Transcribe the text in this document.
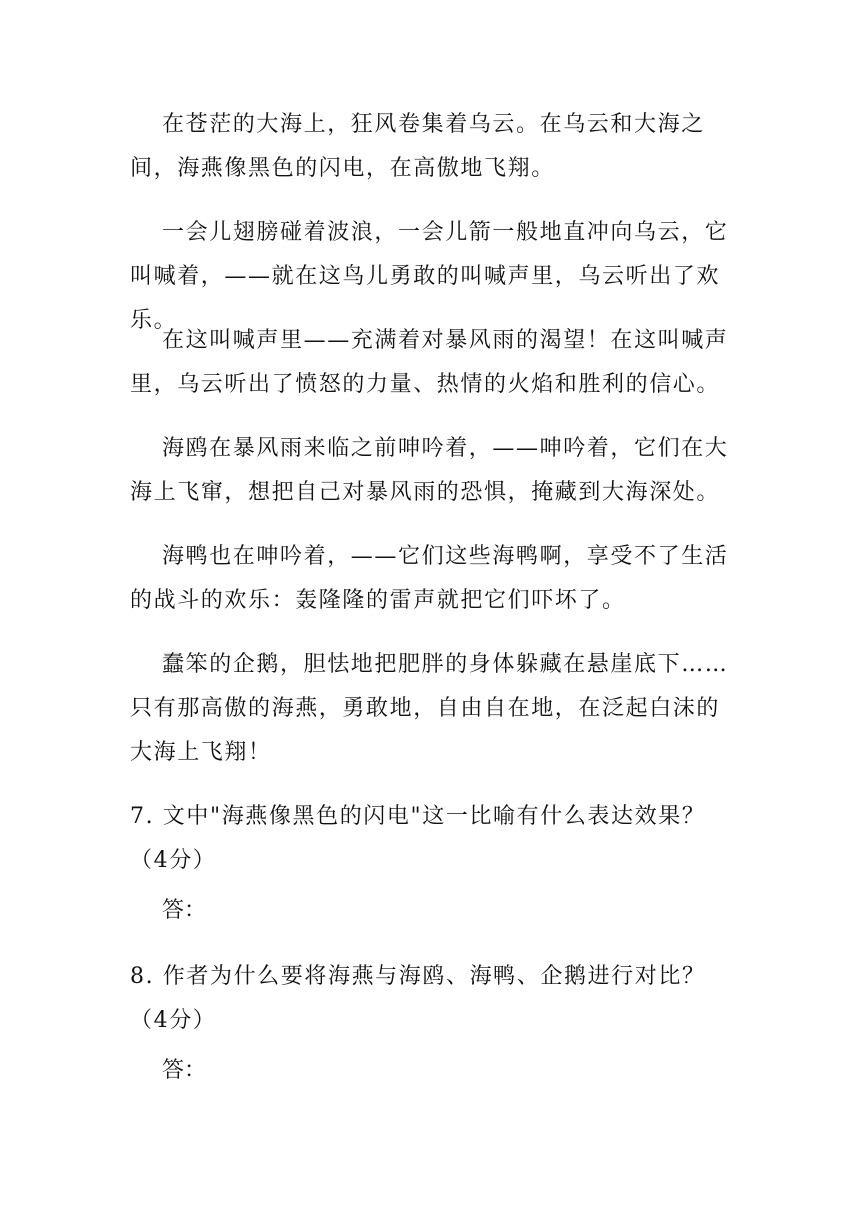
在苍茫的大海上，狂风卷集着乌云。在乌云和大海之间，海燕像黑色的闪电，在高傲地飞翔。

一会儿翅膀碰着波浪，一会儿箭一般地直冲向乌云，它叫喊着，——就在这鸟儿勇敢的叫喊声里，乌云听出了欢乐。

在这叫喊声里——充满着对暴风雨的渴望！在这叫喊声里，乌云听出了愤怒的力量、热情的火焰和胜利的信心。

海鸥在暴风雨来临之前呻吟着，——呻吟着，它们在大海上飞窜，想把自己对暴风雨的恐惧，掩藏到大海深处。

海鸭也在呻吟着，——它们这些海鸭啊，享受不了生活的战斗的欢乐：轰隆隆的雷声就把它们吓坏了。

蠢笨的企鹅，胆怯地把肥胖的身体躲藏在悬崖底下……只有那高傲的海燕，勇敢地，自由自在地，在泛起白沫的大海上飞翔！

7. 文中"海燕像黑色的闪电"这一比喻有什么表达效果？（4分）

答：

8. 作者为什么要将海燕与海鸥、海鸭、企鹅进行对比？（4分）

答：
